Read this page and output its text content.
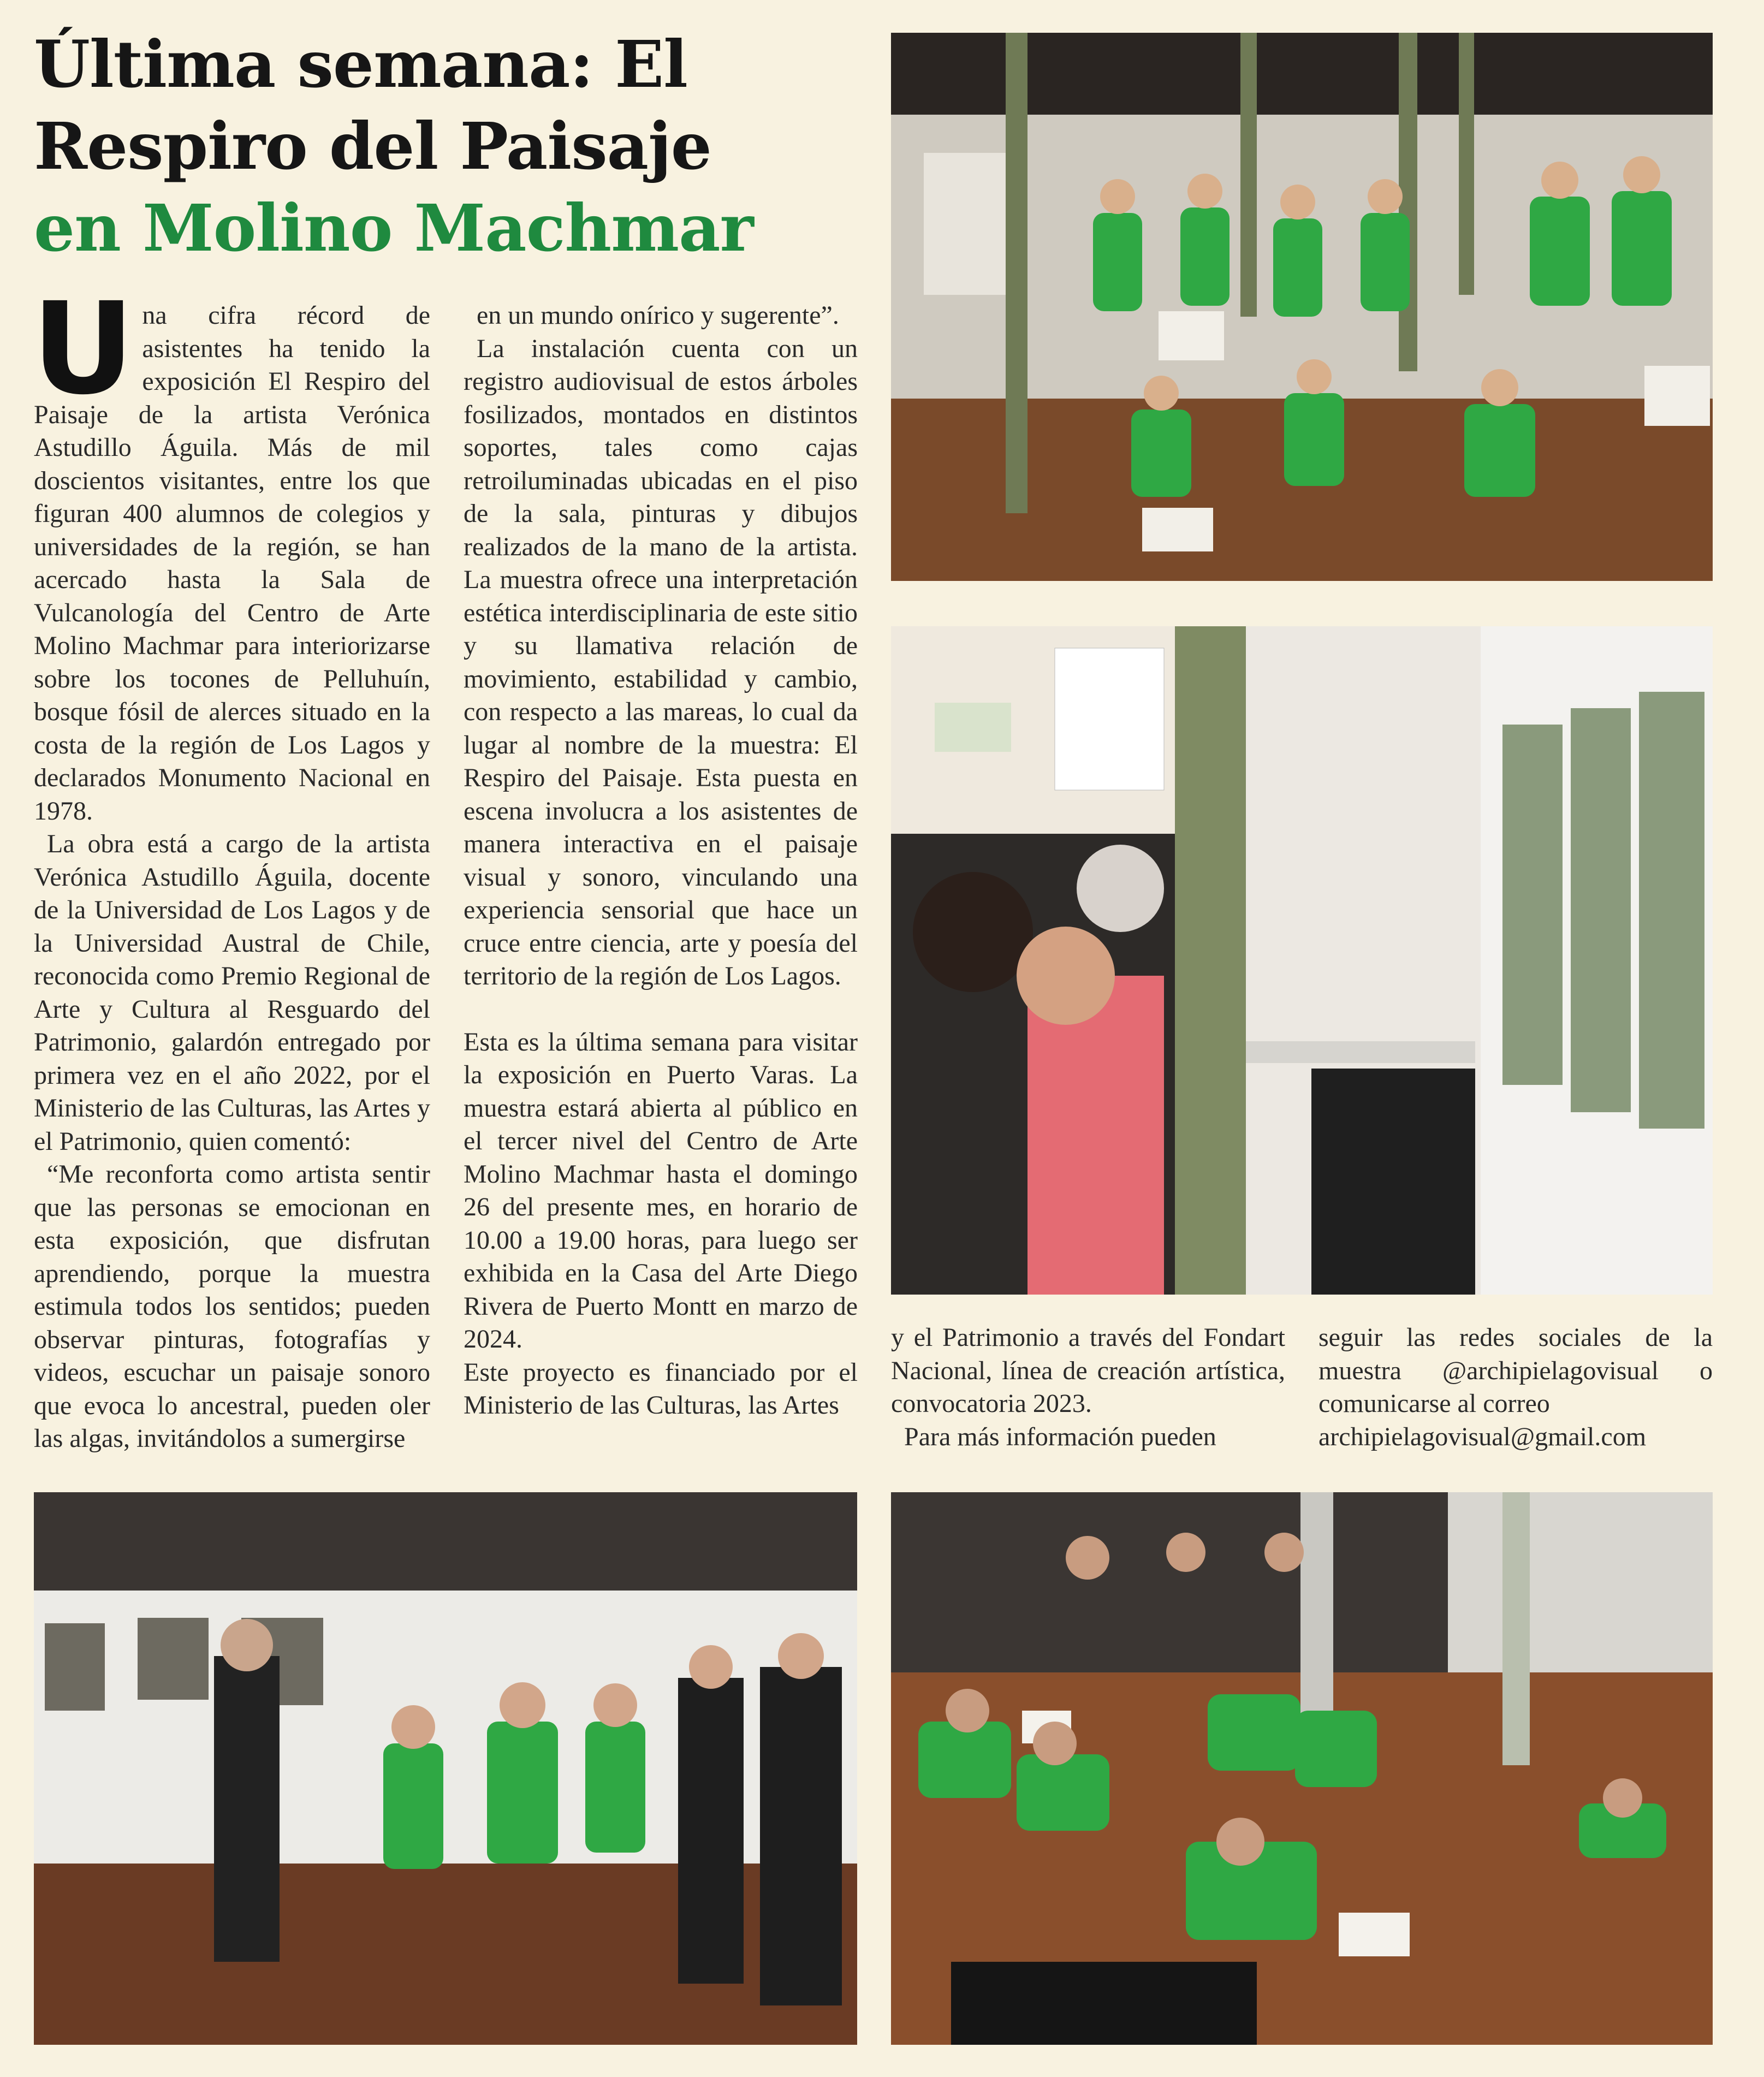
Última semana: El
Respiro del Paisaje
en Molino Machmar
U na cifra récord de asistentes ha tenido la exposición El Respiro del Paisaje de la artista Verónica Astudillo Águila. Más de mil doscientos visitantes, entre los que figuran 400 alumnos de colegios y universidades de la región, se han acercado hasta la Sala de Vulcanología del Centro de Arte Molino Machmar para interiorizarse sobre los tocones de Pelluhuín, bosque fósil de alerces situado en la costa de la región de Los Lagos y declarados Monumento Nacional en 1978.

La obra está a cargo de la artista Verónica Astudillo Águila, docente de la Universidad de Los Lagos y de la Universidad Austral de Chile, reconocida como Premio Regional de Arte y Cultura al Resguardo del Patrimonio, galardón entregado por primera vez en el año 2022, por el Ministerio de las Culturas, las Artes y el Patrimonio, quien comentó:

“Me reconforta como artista sentir que las personas se emocionan en esta exposición, que disfrutan aprendiendo, porque la muestra estimula todos los sentidos; pueden observar pinturas, fotografías y videos, escuchar un paisaje sonoro que evoca lo ancestral, pueden oler las algas, invitándolos a sumergirse

en un mundo onírico y sugerente”.

La instalación cuenta con un registro audiovisual de estos árboles fosilizados, montados en distintos soportes, tales como cajas retroiluminadas ubicadas en el piso de la sala, pinturas y dibujos realizados de la mano de la artista. La muestra ofrece una interpretación estética interdisciplinaria de este sitio y su llamativa relación de movimiento, estabilidad y cambio, con respecto a las mareas, lo cual da lugar al nombre de la muestra: El Respiro del Paisaje. Esta puesta en escena involucra a los asistentes de manera interactiva en el paisaje visual y sonoro, vinculando una experiencia sensorial que hace un cruce entre ciencia, arte y poesía del territorio de la región de Los Lagos.

Esta es la última semana para visitar la exposición en Puerto Varas. La muestra estará abierta al público en el tercer nivel del Centro de Arte Molino Machmar hasta el domingo 26 del presente mes, en horario de 10.00 a 19.00 horas, para luego ser exhibida en la Casa del Arte Diego Rivera de Puerto Montt en marzo de 2024.

Este proyecto es financiado por el Ministerio de las Culturas, las Artes

y el Patrimonio a través del Fondart Nacional, línea de creación artística, convocatoria 2023.

Para más información pueden

seguir las redes sociales de la muestra @archipielagovisual o comunicarse al correo

archipielagovisual@gmail.com
